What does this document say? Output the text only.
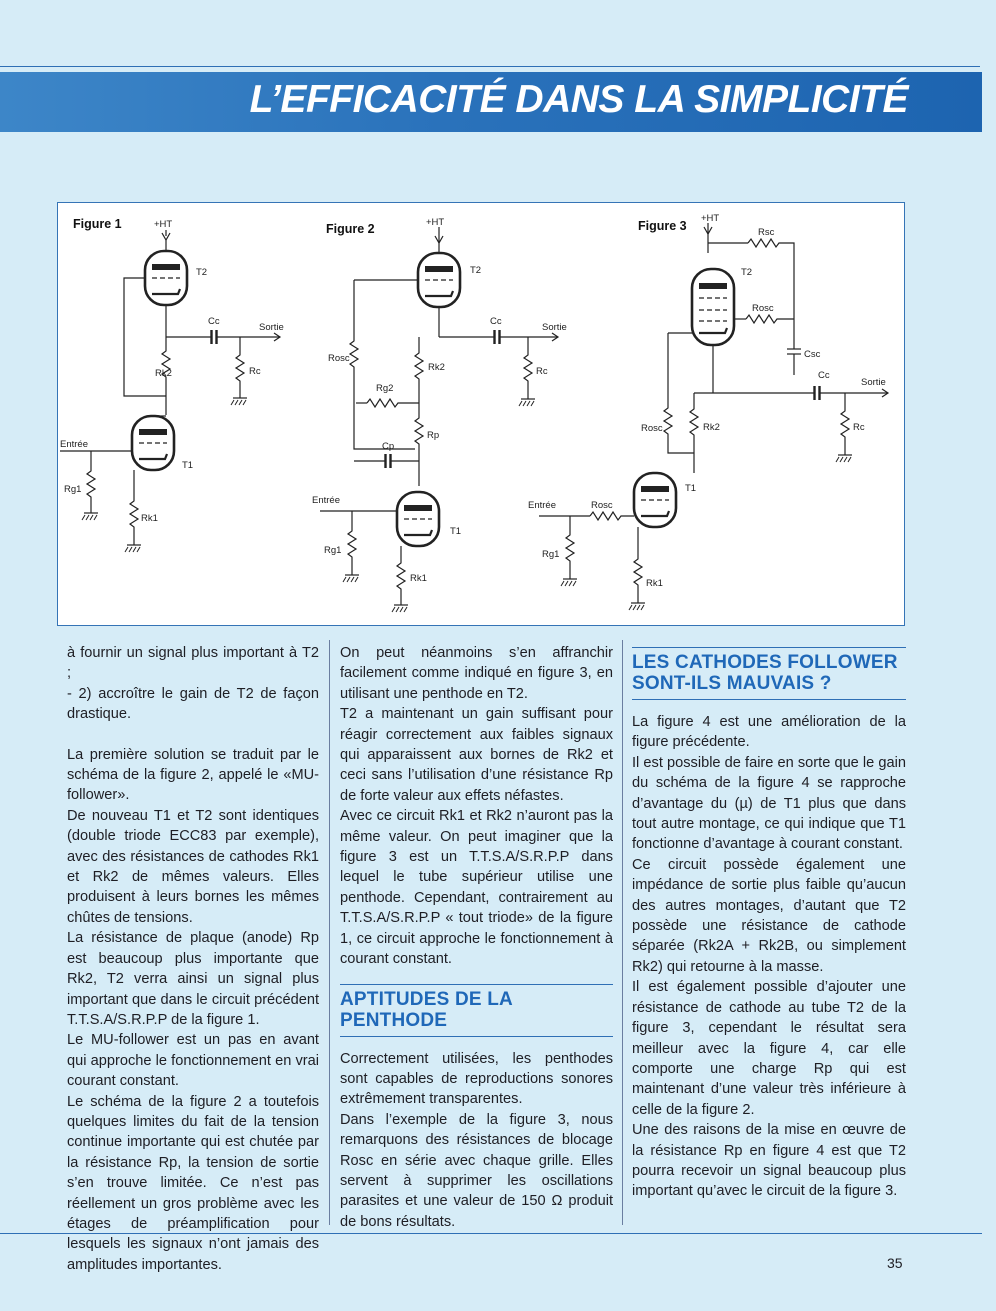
L’EFFICACITÉ DANS LA SIMPLICITÉ
Figure 1	+HT
T2
Cc
Sortie
Rk2	Rc
T1
Entrée
Rg1
Rk1
Figure 2	+HT
T2
Rosc
Cc
Sortie
Rc
Rk2
Rg2
Rp
Cp
T1
Entrée
Rg1
Rk1
Figure 3
+HT
Rsc
T2
Rosc
Csc
Cc
Sortie
Rc
Rosc	Rk2
T1
Entrée	Rosc
Rg1
Rk1

à fournir un signal plus important à T2 ;

- 2) accroître le gain de T2 de façon drastique.

La première solution se traduit par le schéma de la figure 2, appelé le «MU-follower».

De nouveau T1 et T2 sont identiques (double triode ECC83 par exemple), avec des résistances de cathodes Rk1 et Rk2 de mêmes valeurs. Elles produisent à leurs bornes les mêmes chûtes de tensions.

La résistance de plaque (anode) Rp est beaucoup plus importante que Rk2, T2 verra ainsi un signal plus important que dans le circuit précédent T.T.S.A/S.R.P.P de la figure 1.

Le MU-follower est un pas en avant qui approche le fonctionnement en vrai courant constant.

Le schéma de la figure 2 a toutefois quelques limites du fait de la tension continue importante qui est chutée par la résistance Rp, la tension de sortie s’en trouve limitée. Ce n’est pas réellement un gros problème avec les étages de préamplification pour lesquels les signaux n’ont jamais des amplitudes importantes.

On peut néanmoins s’en affranchir facilement comme indiqué en figure 3, en utilisant une penthode en T2.

T2 a maintenant un gain suffisant pour réagir correctement aux faibles signaux qui apparaissent aux bornes de Rk2 et ceci sans l’utilisation d’une résistance Rp de forte valeur aux effets néfastes.

Avec ce circuit Rk1 et Rk2 n’auront pas la même valeur. On peut imaginer que la figure 3 est un T.T.S.A/S.R.P.P dans lequel le tube supérieur utilise une penthode. Cependant, contrairement au T.T.S.A/S.R.P.P « tout triode» de la figure 1, ce circuit approche le fonctionnement à courant constant.

APTITUDES DE LA PENTHODE

Correctement utilisées, les penthodes sont capables de reproductions sonores extrêmement transparentes.

Dans l’exemple de la figure 3, nous remarquons des résistances de blocage Rosc en série avec chaque grille. Elles servent à supprimer les oscillations parasites et une valeur de 150 Ω produit de bons résultats.

LES CATHODES FOLLOWER SONT-ILS MAUVAIS ?

La figure 4 est une amélioration de la figure précédente.

Il est possible de faire en sorte que le gain du schéma de la figure 4 se rapproche d’avantage du (µ) de T1 plus que dans tout autre montage, ce qui indique que T1 fonctionne d’avantage à courant constant.

Ce circuit possède également une impédance de sortie plus faible qu’aucun des autres montages, d’autant que T2 possède une résistance de cathode séparée (Rk2A + Rk2B, ou simplement Rk2) qui retourne à la masse.

Il est également possible d’ajouter une résistance de cathode au tube T2 de la figure 3, cependant le résultat sera meilleur avec la figure 4, car elle comporte une charge Rp qui est maintenant d’une valeur très inférieure à celle de la figure 2.

Une des raisons de la mise en œuvre de la résistance Rp en figure 4 est que T2 pourra recevoir un signal beaucoup plus important qu’avec le circuit de la figure 3.

35
